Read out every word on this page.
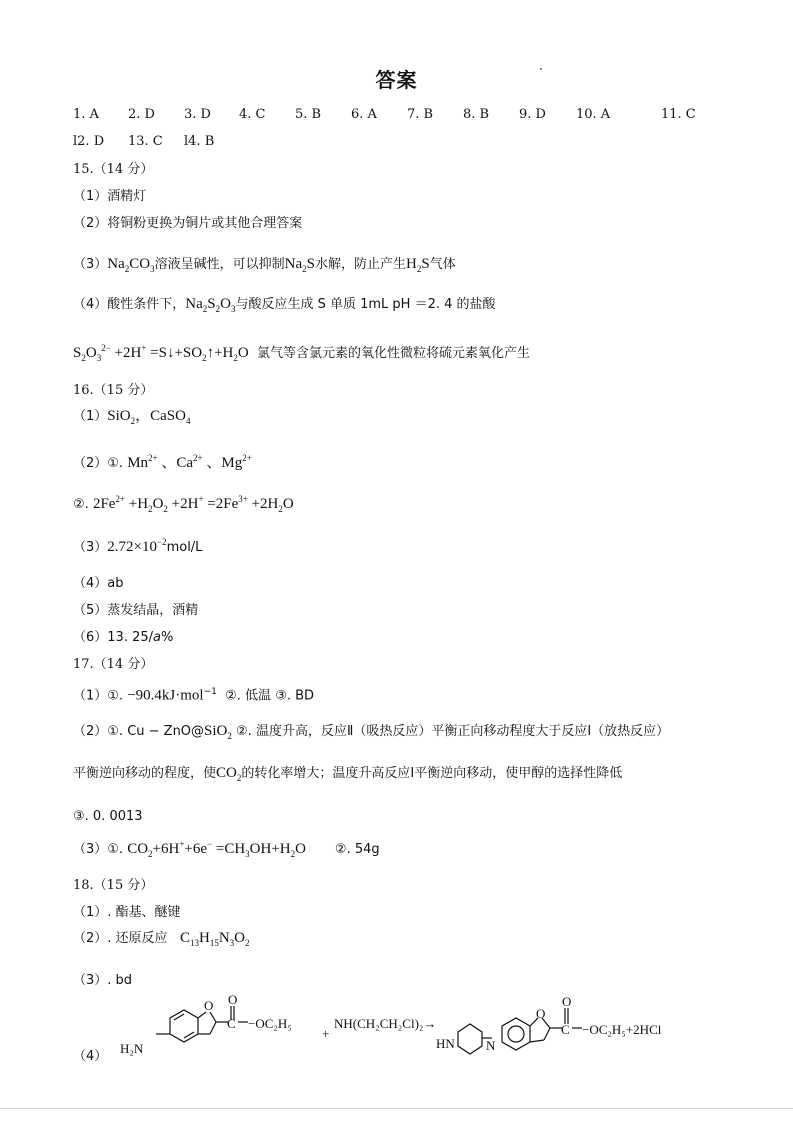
答案
1. A 2. D 3. D 4. C 5. B 6. A 7. B 8. B 9. D 10. A	11. C
l2. D 13. C l4. B
15.（14 分）
（1）酒精灯
（2）将铜粉更换为铜片或其他合理答案
$(3)Na_2CO_3$溶液呈碱性，可以抑制$Na_2S$水解，防止产生$H_2S$气体
（4）酸性条件下，$Na_2S_2O_3$与酸反应生成 S 单质 1mL pH ＝2. 4 的盐酸
$S_2O_3^{2-} +2H^+$ $=S↓+SO_2↑+H_2O$ 氯气等含氯元素的氧化性微粒将硫元素氧化产生
16.（15 分）
（1）SiO$_2$，CaSO$_4$
（2）①. $Mn^{2+}$ 、$Ca^{2+}$ 、$Mg^{2+}$
②. $2Fe^{2+} +H_2O_2 +2H^+ =2Fe^{3+} +2H_2O$
$(3)2.72\times 10^{-2}mol/L$
（4）ab
（5）蒸发结晶，酒精
（6）13. 25/a%
17.（14 分）
（1）①. −90.4kJ·mol$^{-1}$ ②. 低温 ③. BD
（2）①. Cu − ZnO@SiO$_2$ ②. 温度升高，反应Ⅱ（吸热反应）平衡正向移动程度大于反应Ⅰ（放热反应）
平衡逆向移动的程度，使$CO_2$的转化率增大；温度升高反应Ⅰ平衡逆向移动，使甲醇的选择性降低
③. 0. 0013
（3）①. $CO_2+6H^++6e^- =CH_3OH+H_2O$ ②. 54g
18.（15 分）
（1）. 酯基、醚键
（2）. 还原反应 $C_{13}H_{15}N_3O_2$
（3）. bd
（4）
H₂N
O
C
O
−OC₂H₅
+
NH(CH₂CH₂Cl)₂→
HN N
O
C
O
−OC₂H₅+2HCl
